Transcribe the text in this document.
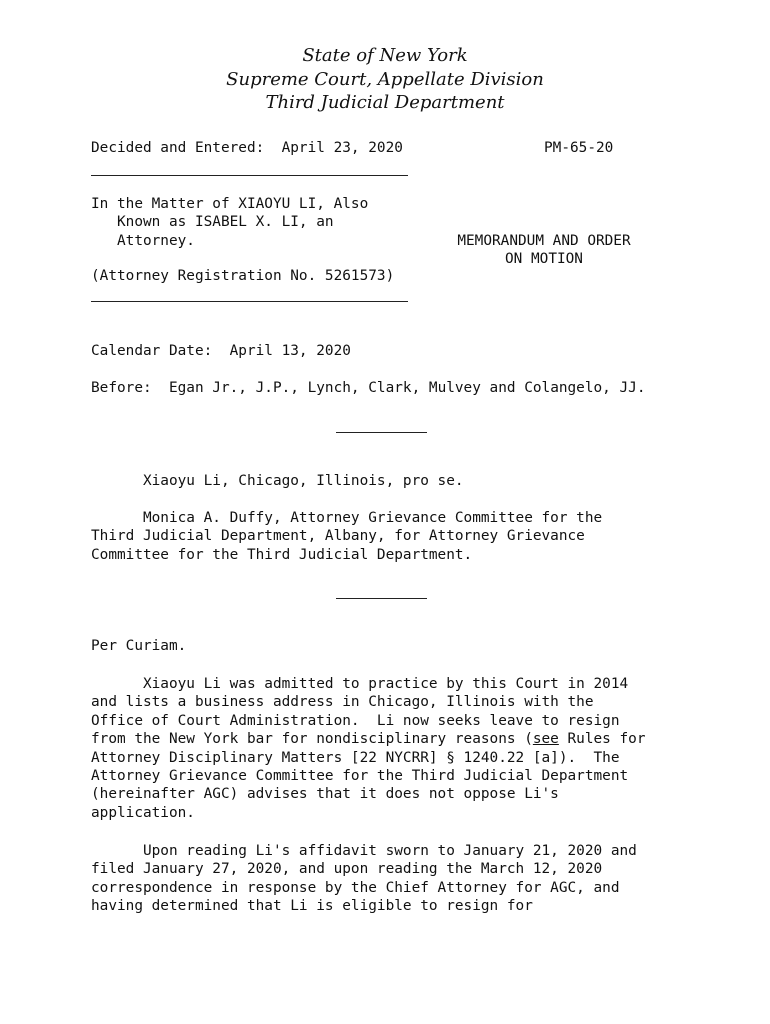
State of New York
Supreme Court, Appellate Division
Third Judicial Department
Decided and Entered: April 23, 2020	PM-65-20
In the Matter of XIAOYU LI, Also
Known as ISABEL X. LI, an
Attorney.	MEMORANDUM AND ORDER
ON MOTION
(Attorney Registration No. 5261573)
Calendar Date: April 13, 2020
Before: Egan Jr., J.P., Lynch, Clark, Mulvey and Colangelo, JJ.
Xiaoyu Li, Chicago, Illinois, pro se.
Monica A. Duffy, Attorney Grievance Committee for the
Third Judicial Department, Albany, for Attorney Grievance
Committee for the Third Judicial Department.
Per Curiam.
Xiaoyu Li was admitted to practice by this Court in 2014
and lists a business address in Chicago, Illinois with the
Office of Court Administration.  Li now seeks leave to resign
from the New York bar for nondisciplinary reasons (see Rules for
Attorney Disciplinary Matters [22 NYCRR] § 1240.22 [a]).  The
Attorney Grievance Committee for the Third Judicial Department
(hereinafter AGC) advises that it does not oppose Li's
application.
Upon reading Li's affidavit sworn to January 21, 2020 and
filed January 27, 2020, and upon reading the March 12, 2020
correspondence in response by the Chief Attorney for AGC, and
having determined that Li is eligible to resign for
